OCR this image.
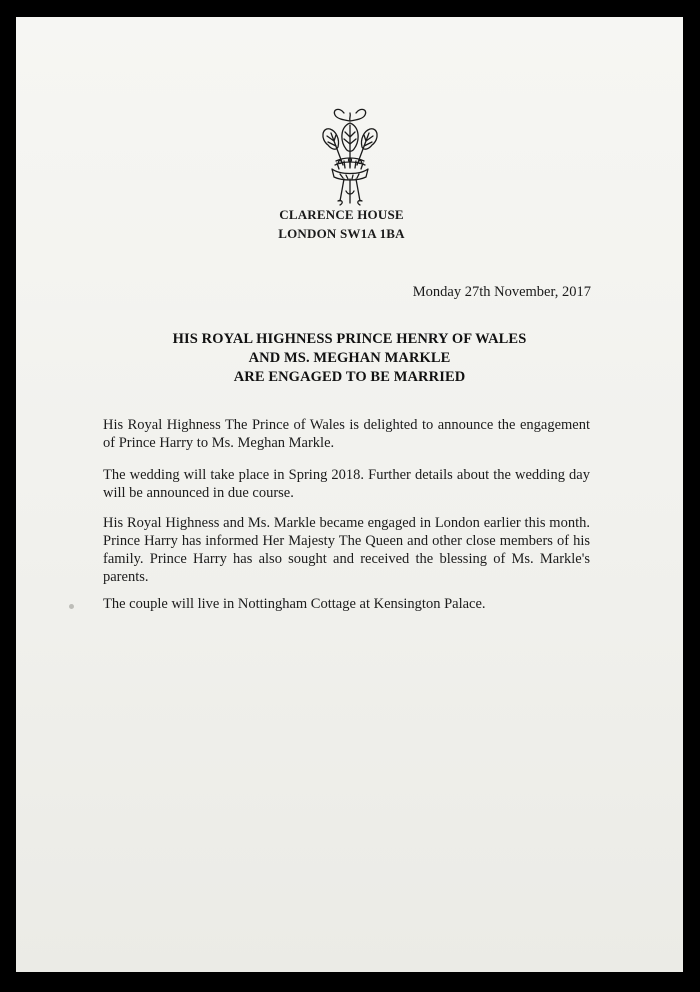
CLARENCE HOUSE
LONDON SW1A 1BA
Monday 27th November, 2017
HIS ROYAL HIGHNESS PRINCE HENRY OF WALES
AND MS. MEGHAN MARKLE
ARE ENGAGED TO BE MARRIED

His Royal Highness The Prince of Wales is delighted to announce the engagement of Prince Harry to Ms. Meghan Markle.

The wedding will take place in Spring 2018. Further details about the wedding day will be announced in due course.

His Royal Highness and Ms. Markle became engaged in London earlier this month. Prince Harry has informed Her Majesty The Queen and other close members of his family. Prince Harry has also sought and received the blessing of Ms. Markle's parents.

The couple will live in Nottingham Cottage at Kensington Palace.
